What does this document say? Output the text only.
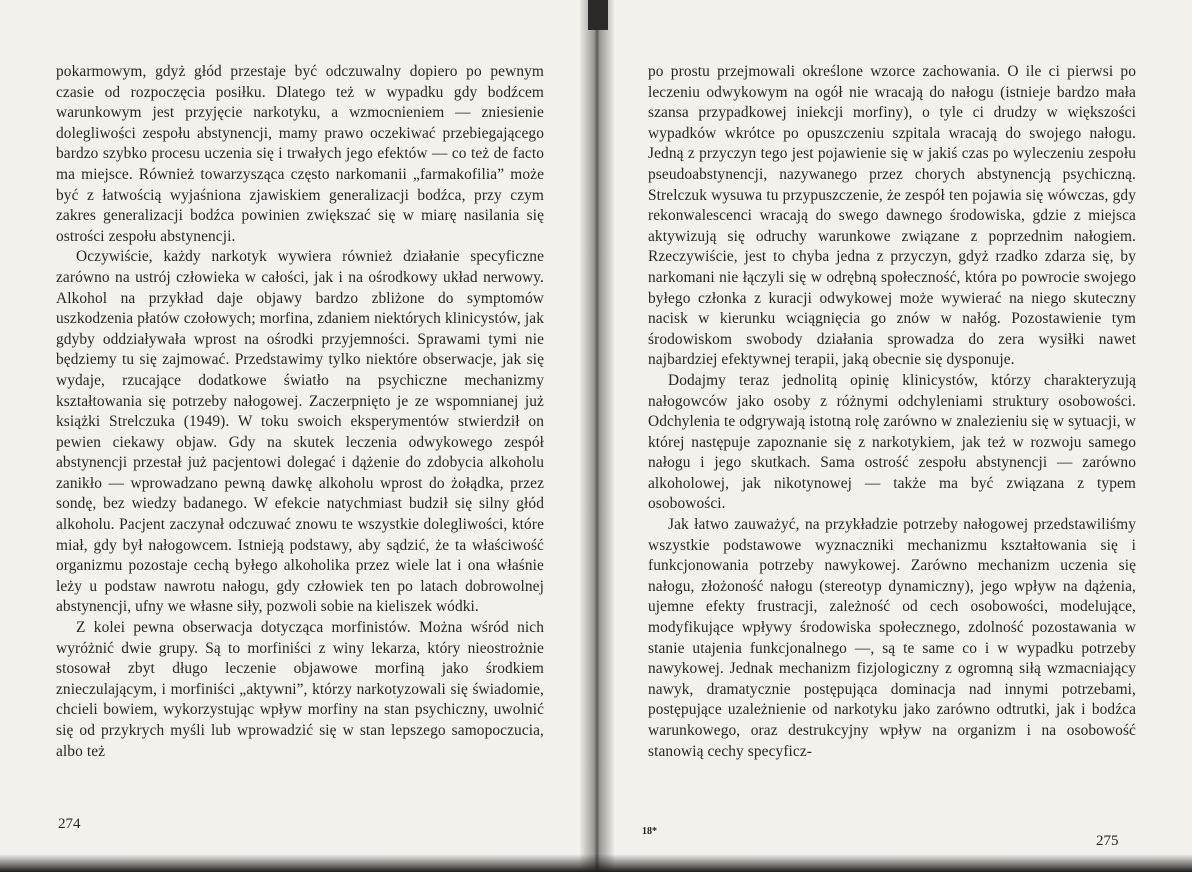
pokarmowym, gdyż głód przestaje być odczuwalny dopiero po pewnym czasie od rozpoczęcia posiłku. Dlatego też w wypadku gdy bodźcem warunkowym jest przyjęcie narkotyku, a wzmocnieniem — zniesienie dolegliwości zespołu abstynencji, mamy prawo oczekiwać przebiegającego bardzo szybko procesu uczenia się i trwałych jego efektów — co też de facto ma miejsce. Również towarzysząca często narkomanii „farmakofilia” może być z łatwością wyjaśniona zjawiskiem generalizacji bodźca, przy czym zakres generalizacji bodźca powinien zwiększać się w miarę nasilania się ostrości zespołu abstynencji.

Oczywiście, każdy narkotyk wywiera również działanie specyficzne zarówno na ustrój człowieka w całości, jak i na ośrodkowy układ nerwowy. Alkohol na przykład daje objawy bardzo zbliżone do symptomów uszkodzenia płatów czołowych; morfina, zdaniem niektórych klinicystów, jak gdyby oddziaływała wprost na ośrodki przyjemności. Sprawami tymi nie będziemy tu się zajmować. Przedstawimy tylko niektóre obserwacje, jak się wydaje, rzucające dodatkowe światło na psychiczne mechanizmy kształtowania się potrzeby nałogowej. Zaczerpnięto je ze wspomnianej już książki Strelczuka (1949). W toku swoich eksperymentów stwierdził on pewien ciekawy objaw. Gdy na skutek leczenia odwykowego zespół abstynencji przestał już pacjentowi dolegać i dążenie do zdobycia alkoholu zanikło — wprowadzano pewną dawkę alkoholu wprost do żołądka, przez sondę, bez wiedzy badanego. W efekcie natychmiast budził się silny głód alkoholu. Pacjent zaczynał odczuwać znowu te wszystkie dolegliwości, które miał, gdy był nałogowcem. Istnieją podstawy, aby sądzić, że ta właściwość organizmu pozostaje cechą byłego alkoholika przez wiele lat i ona właśnie leży u podstaw nawrotu nałogu, gdy człowiek ten po latach dobrowolnej abstynencji, ufny we własne siły, pozwoli sobie na kieliszek wódki.

Z kolei pewna obserwacja dotycząca morfinistów. Można wśród nich wyróżnić dwie grupy. Są to morfiniści z winy lekarza, który nieostrożnie stosował zbyt długo leczenie objawowe morfiną jako środkiem znieczulającym, i morfiniści „aktywni”, którzy narkotyzowali się świadomie, chcieli bowiem, wykorzystując wpływ morfiny na stan psychiczny, uwolnić się od przykrych myśli lub wprowadzić się w stan lepszego samopoczucia, albo też

274

po prostu przejmowali określone wzorce zachowania. O ile ci pierwsi po leczeniu odwykowym na ogół nie wracają do nałogu (istnieje bardzo mała szansa przypadkowej iniekcji morfiny), o tyle ci drudzy w większości wypadków wkrótce po opuszczeniu szpitala wracają do swojego nałogu. Jedną z przyczyn tego jest pojawienie się w jakiś czas po wyleczeniu zespołu pseudoabstynencji, nazywanego przez chorych abstynencją psychiczną. Strelczuk wysuwa tu przypuszczenie, że zespół ten pojawia się wówczas, gdy rekonwalescenci wracają do swego dawnego środowiska, gdzie z miejsca aktywizują się odruchy warunkowe związane z poprzednim nałogiem. Rzeczywiście, jest to chyba jedna z przyczyn, gdyż rzadko zdarza się, by narkomani nie łączyli się w odrębną społeczność, która po powrocie swojego byłego członka z kuracji odwykowej może wywierać na niego skuteczny nacisk w kierunku wciągnięcia go znów w nałóg. Pozostawienie tym środowiskom swobody działania sprowadza do zera wysiłki nawet najbardziej efektywnej terapii, jaką obecnie się dysponuje.

Dodajmy teraz jednolitą opinię klinicystów, którzy charakteryzują nałogowców jako osoby z różnymi odchyleniami struktury osobowości. Odchylenia te odgrywają istotną rolę zarówno w znalezieniu się w sytuacji, w której następuje zapoznanie się z narkotykiem, jak też w rozwoju samego nałogu i jego skutkach. Sama ostrość zespołu abstynencji — zarówno alkoholowej, jak nikotynowej — także ma być związana z typem osobowości.

Jak łatwo zauważyć, na przykładzie potrzeby nałogowej przedstawiliśmy wszystkie podstawowe wyznaczniki mechanizmu kształtowania się i funkcjonowania potrzeby nawykowej. Zarówno mechanizm uczenia się nałogu, złożoność nałogu (stereotyp dynamiczny), jego wpływ na dążenia, ujemne efekty frustracji, zależność od cech osobowości, modelujące, modyfikujące wpływy środowiska społecznego, zdolność pozostawania w stanie utajenia funkcjonalnego —, są te same co i w wypadku potrzeby nawykowej. Jednak mechanizm fizjologiczny z ogromną siłą wzmacniający nawyk, dramatycznie postępująca dominacja nad innymi potrzebami, postępujące uzależnienie od narkotyku jako zarówno odtrutki, jak i bodźca warunkowego, oraz destrukcyjny wpływ na organizm i na osobowość stanowią cechy specyficz-

18*
275
